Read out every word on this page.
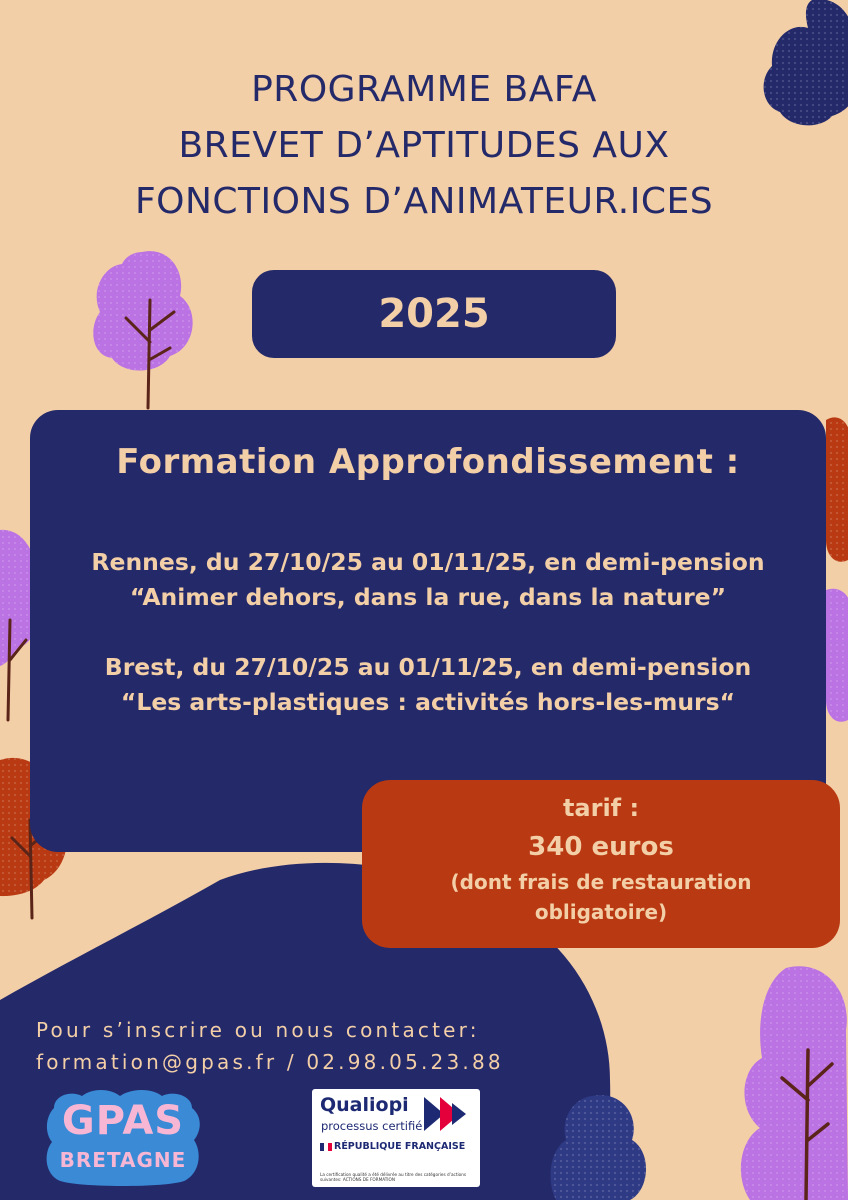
PROGRAMME BAFA
BREVET D’APTITUDES AUX
FONCTIONS D’ANIMATEUR.ICES
2025
Formation Approfondissement :
Rennes, du 27/10/25 au 01/11/25, en demi-pension
“Animer dehors, dans la rue, dans la nature”
Brest, du 27/10/25 au 01/11/25, en demi-pension
“Les arts-plastiques : activités hors-les-murs“
tarif :
340 euros
(dont frais de restauration
obligatoire)
Pour s’inscrire ou nous contacter:
formation@gpas.fr / 02.98.05.23.88
GPAS
BRETAGNE
Qualiopi
processus certifié
RÉPUBLIQUE FRANÇAISE
La certification qualité a été délivrée au titre des catégories d’actions suivantes: ACTIONS DE FORMATION
